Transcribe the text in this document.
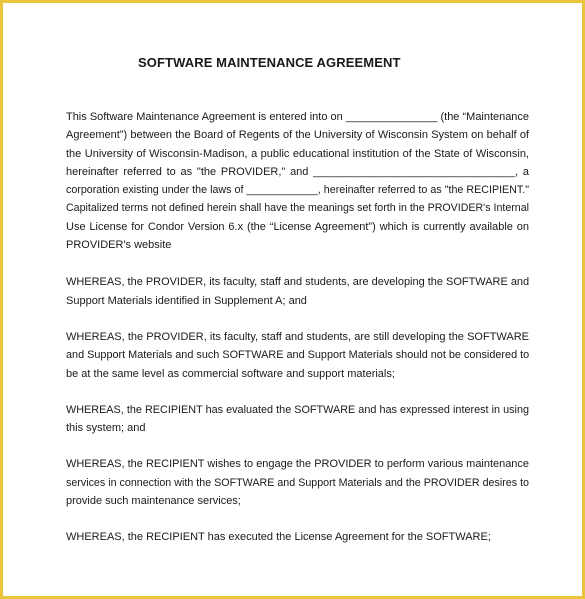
SOFTWARE MAINTENANCE AGREEMENT
This Software Maintenance Agreement is entered into on _______________ (the “Maintenance
Agreement”) between the Board of Regents of the University of Wisconsin System on behalf of
the University of Wisconsin-Madison, a public educational institution of the State of Wisconsin,
hereinafter referred to as "the PROVIDER," and _________________________________, a
corporation existing under the laws of ____________, hereinafter referred to as "the RECIPIENT."
Capitalized terms not defined herein shall have the meanings set forth in the PROVIDER's Internal
Use License for Condor Version 6.x (the “License Agreement”) which is currently available on
PROVIDER's website
WHEREAS, the PROVIDER, its faculty, staff and students, are developing the SOFTWARE and
Support Materials identified in Supplement A; and
WHEREAS, the PROVIDER, its faculty, staff and students, are still developing the SOFTWARE
and Support Materials and such SOFTWARE and Support Materials should not be considered to
be at the same level as commercial software and support materials;
WHEREAS, the RECIPIENT has evaluated the SOFTWARE and has expressed interest in using
this system; and
WHEREAS, the RECIPIENT wishes to engage the PROVIDER to perform various maintenance
services in connection with the SOFTWARE and Support Materials and the PROVIDER desires to
provide such maintenance services;
WHEREAS, the RECIPIENT has executed the License Agreement for the SOFTWARE;
